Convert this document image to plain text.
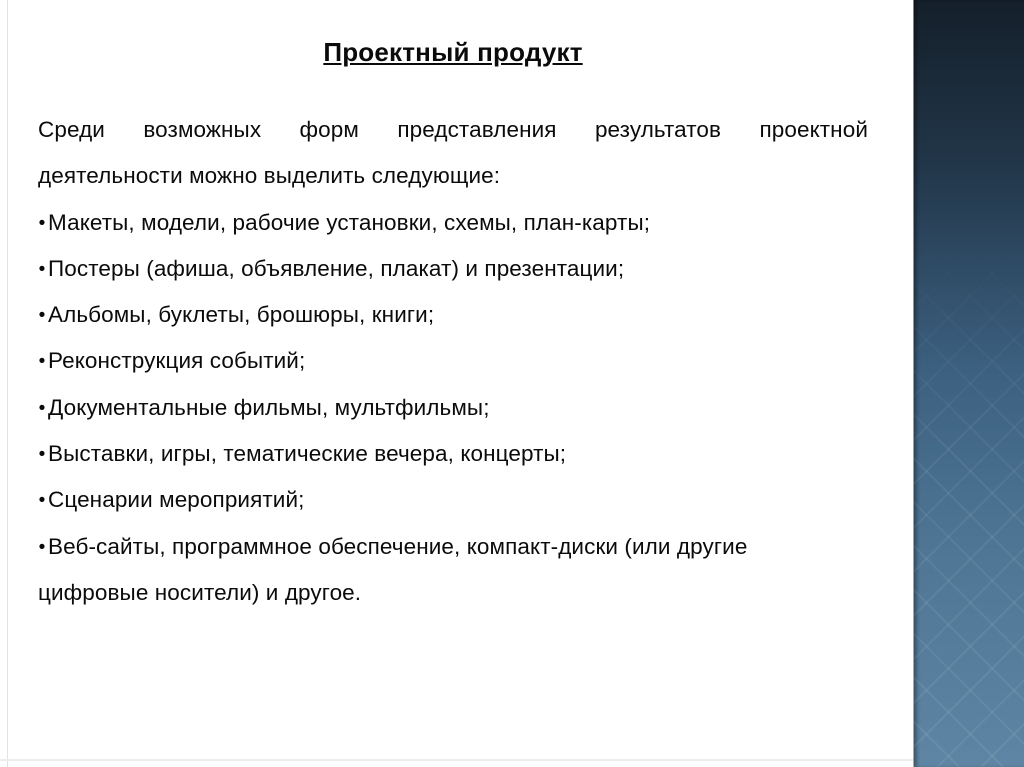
Проектный продукт
Среди возможных форм представления результатов проектной
деятельности можно выделить следующие:
• Макеты, модели, рабочие установки, схемы, план-карты;
• Постеры (афиша, объявление, плакат) и презентации;
• Альбомы, буклеты, брошюры, книги;
• Реконструкция событий;
• Документальные фильмы, мультфильмы;
• Выставки, игры, тематические вечера, концерты;
• Сценарии мероприятий;
• Веб-сайты, программное обеспечение, компакт-диски (или другие
цифровые носители) и другое.
